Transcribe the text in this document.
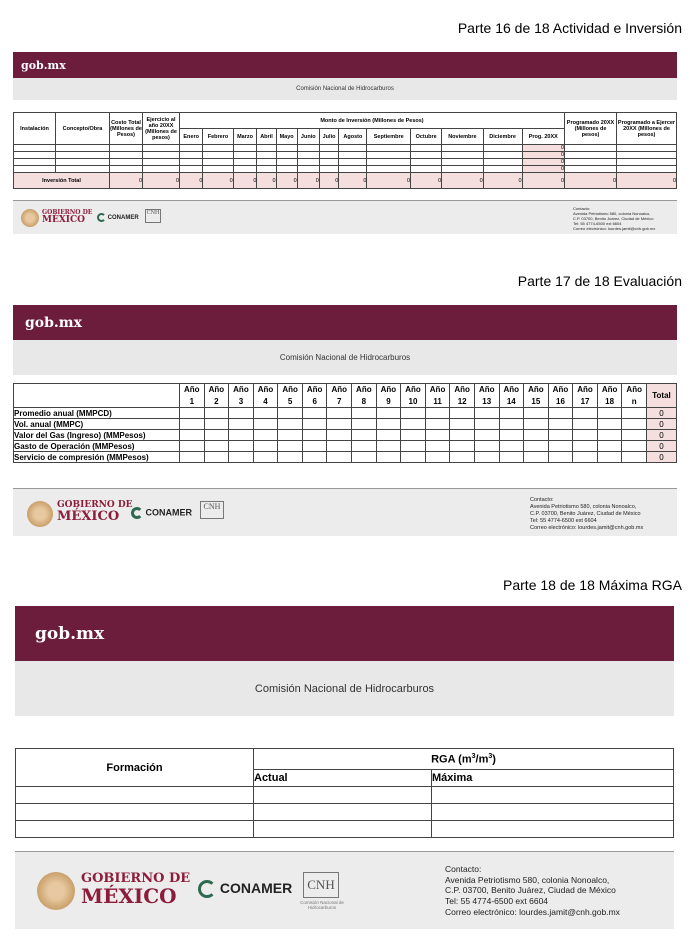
Parte 16 de 18 Actividad e Inversión
gob.mx
Comisión Nacional de Hidrocarburos
Instalación	Concepto/Obra	Costo Total (Millones de Pesos)	Ejercicio al año 20XX (Millones de pesos)	Monto de Inversión (Millones de Pesos)													Programado 20XX (Millones de pesos)	Programado a Ejercer 20XX (Millones de pesos)
				Enero	Febrero	Marzo	Abril	Mayo	Junio	Julio	Agosto	Septiembre	Octubre	Noviembre	Diciembre	Prog. 20XX		
																0		
																0		
																0		
																0		
Inversión Total		0	0	0	0	0	0	0	0	0	0	0	0	0	0	0	0	0
GOBIERNO DE
MÉXICO	CONAMER
CNH
Contacto:
Avenida Petriotismo 580, colonia Nonoalco,
C.P. 03700, Benito Juárez, Ciudad de México
Tel: 55 4774-6500 ext 6604
Correo electrónico: lourdes.jamit@cnh.gob.mx
Parte 17 de 18 Evaluación
gob.mx
Comisión Nacional de Hidrocarburos
	Año	Año	Año	Año	Año	Año	Año	Año	Año	Año	Año	Año	Año	Año	Año	Año	Año	Año	Año	Total
	1	2	3	4	5	6	7	8	9	10	11	12	13	14	15	16	17	18	n	
Promedio anual (MMPCD)																				0
Vol. anual (MMPC)																				0
Valor del Gas (Ingreso) (MMPesos)																				0
Gasto de Operación (MMPesos)																				0
Servicio de compresión (MMPesos)																				0
GOBIERNO DE
MÉXICO	CONAMER
CNH
Contacto:
Avenida Petriotismo 580, colonia Nonoalco,
C.P. 03700, Benito Juárez, Ciudad de México
Tel: 55 4774-6500 ext 6604
Correo electrónico: lourdes.jamit@cnh.gob.mx
Parte 18 de 18 Máxima RGA
gob.mx
Comisión Nacional de Hidrocarburos
Formación	RGA $(m^3/m^3)$	
	Actual	Máxima

GOBIERNO DE
MÉXICO	CONAMER	CNH
Comisión Nacional de Hidrocarburos
Contacto:
Avenida Petriotismo 580, colonia Nonoalco,
C.P. 03700, Benito Juárez, Ciudad de México
Tel: 55 4774-6500 ext 6604
Correo electrónico: lourdes.jamit@cnh.gob.mx
